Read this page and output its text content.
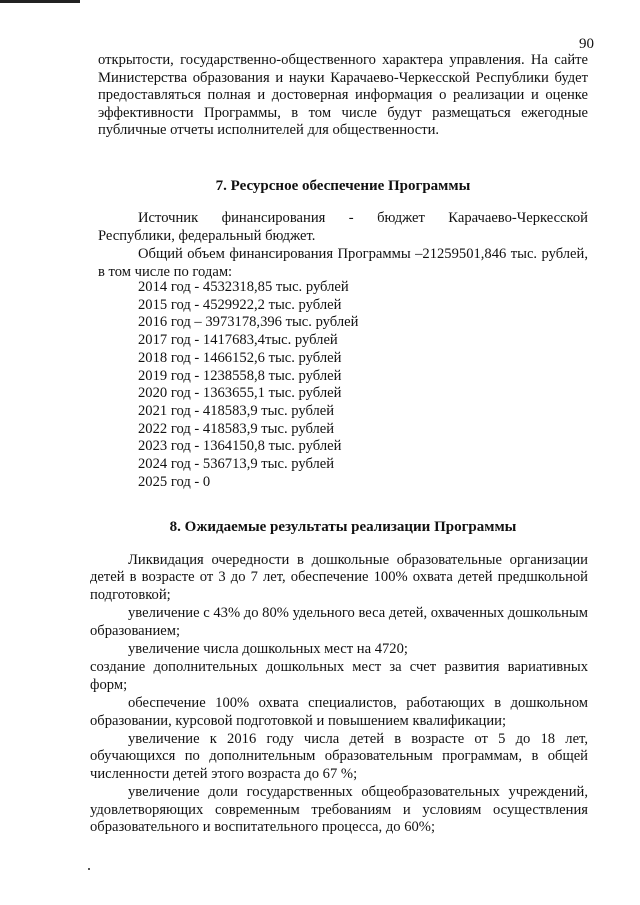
90

открытости, государственно-общественного характера управления. На сайте Министерства образования и науки Карачаево-Черкесской Республики будет предоставляться полная и достоверная информация о реализации и оценке эффективности Программы, в том числе будут размещаться ежегодные публичные отчеты исполнителей для общественности.

7. Ресурсное обеспечение Программы

Источник финансирования - бюджет Карачаево-Черкесской Республики, федеральный бюджет.

Общий объем финансирования Программы –21259501,846 тыс. рублей, в том числе по годам:

2014 год - 4532318,85 тыс. рублей
2015 год - 4529922,2 тыс. рублей
2016 год – 3973178,396 тыс. рублей
2017 год - 1417683,4тыс. рублей
2018 год - 1466152,6 тыс. рублей
2019 год - 1238558,8 тыс. рублей
2020 год - 1363655,1 тыс. рублей
2021 год - 418583,9 тыс. рублей
2022 год - 418583,9 тыс. рублей
2023 год - 1364150,8 тыс. рублей
2024 год - 536713,9 тыс. рублей
2025 год - 0
8. Ожидаемые результаты реализации Программы
Ликвидация очередности в дошкольные образовательные организации детей в возрасте от 3 до 7 лет, обеспечение 100% охвата детей предшкольной подготовкой;
увеличение с 43% до 80% удельного веса детей, охваченных дошкольным образованием;
увеличение числа дошкольных мест на 4720;
создание дополнительных дошкольных мест за счет развития вариативных форм;
обеспечение 100% охвата специалистов, работающих в дошкольном образовании, курсовой подготовкой и повышением квалификации;
увеличение к 2016 году числа детей в возрасте от 5 до 18 лет, обучающихся по дополнительным образовательным программам, в общей численности детей этого возраста до 67 %;
увеличение доли государственных общеобразовательных учреждений, удовлетворяющих современным требованиям и условиям осуществления образовательного и воспитательного процесса, до 60%;
